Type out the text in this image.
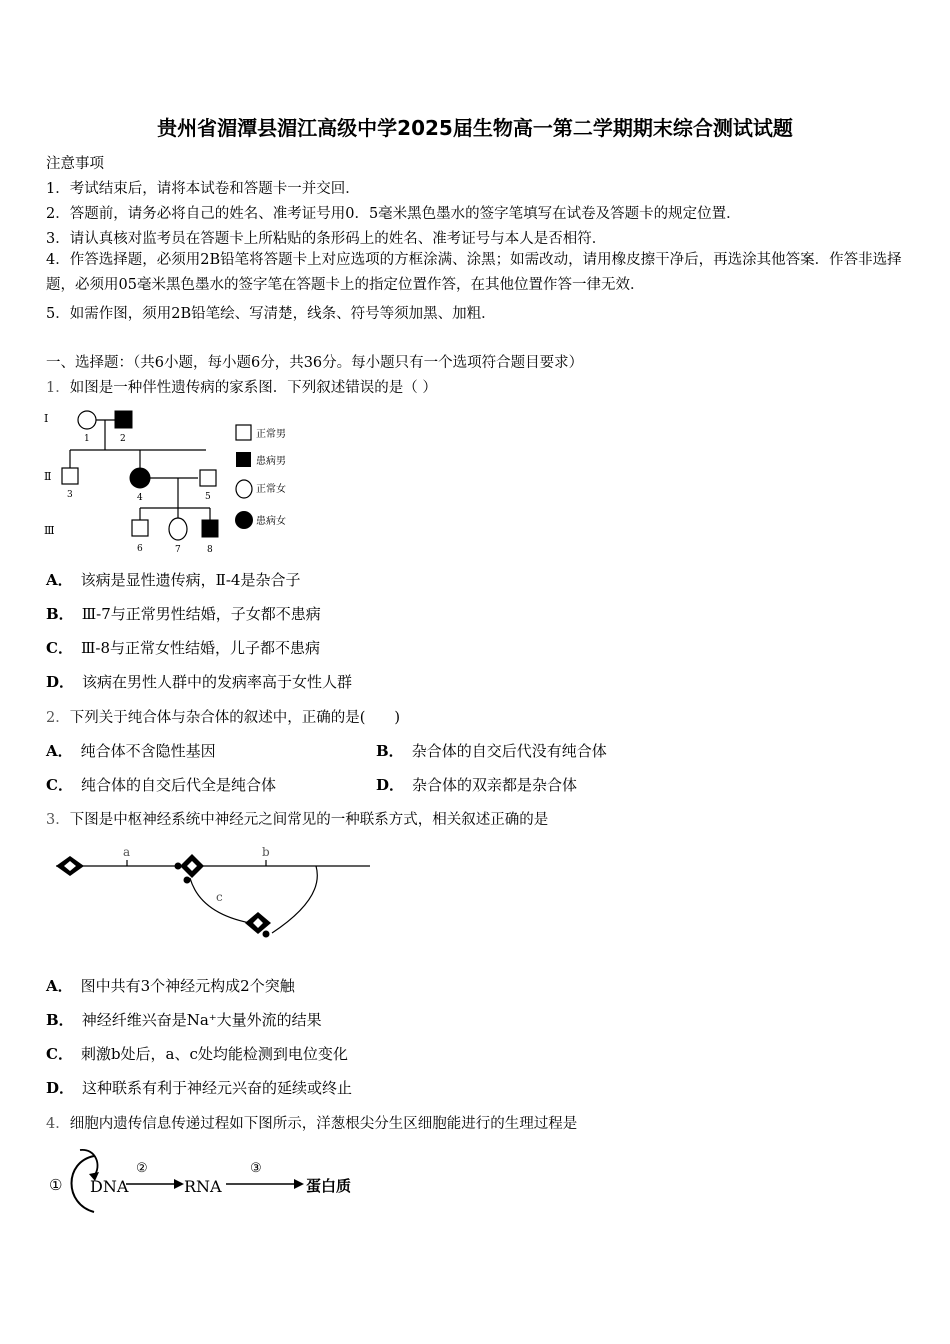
贵州省湄潭县湄江高级中学2025届生物高一第二学期期末综合测试试题
注意事项
1．考试结束后，请将本试卷和答题卡一并交回．
2．答题前，请务必将自己的姓名、准考证号用0．5毫米黑色墨水的签字笔填写在试卷及答题卡的规定位置．
3．请认真核对监考员在答题卡上所粘贴的条形码上的姓名、准考证号与本人是否相符．
4．作答选择题，必须用2B铅笔将答题卡上对应选项的方框涂满、涂黑；如需改动，请用橡皮擦干净后，再选涂其他答案．作答非选择题，必须用05毫米黑色墨水的签字笔在答题卡上的指定位置作答，在其他位置作答一律无效．
5．如需作图，须用2B铅笔绘、写清楚，线条、符号等须加黑、加粗．
一、选择题：（共6小题，每小题6分，共36分。每小题只有一个选项符合题目要求）
1．如图是一种伴性遗传病的家系图．下列叙述错误的是（ ）
Ⅰ
Ⅱ
Ⅲ
1	2
3	4	5
6	7	8
正常男
患病男
正常女
患病女
A． 该病是显性遗传病，Ⅱ-4是杂合子
B． Ⅲ-7与正常男性结婚，子女都不患病
C． Ⅲ-8与正常女性结婚，儿子都不患病
D． 该病在男性人群中的发病率高于女性人群
2．下列关于纯合体与杂合体的叙述中，正确的是(　　)
A． 纯合体不含隐性基因	B． 杂合体的自交后代没有纯合体
C． 纯合体的自交后代全是纯合体	D． 杂合体的双亲都是杂合体
3．下图是中枢神经系统中神经元之间常见的一种联系方式，相关叙述正确的是
a	b
c
A． 图中共有3个神经元构成2个突触
B． 神经纤维兴奋是Na⁺大量外流的结果
C． 刺激b处后，a、c处均能检测到电位变化
D． 这种联系有利于神经元兴奋的延续或终止
4．细胞内遗传信息传递过程如下图所示，洋葱根尖分生区细胞能进行的生理过程是
① DNA
②
RNA
③
蛋白质
